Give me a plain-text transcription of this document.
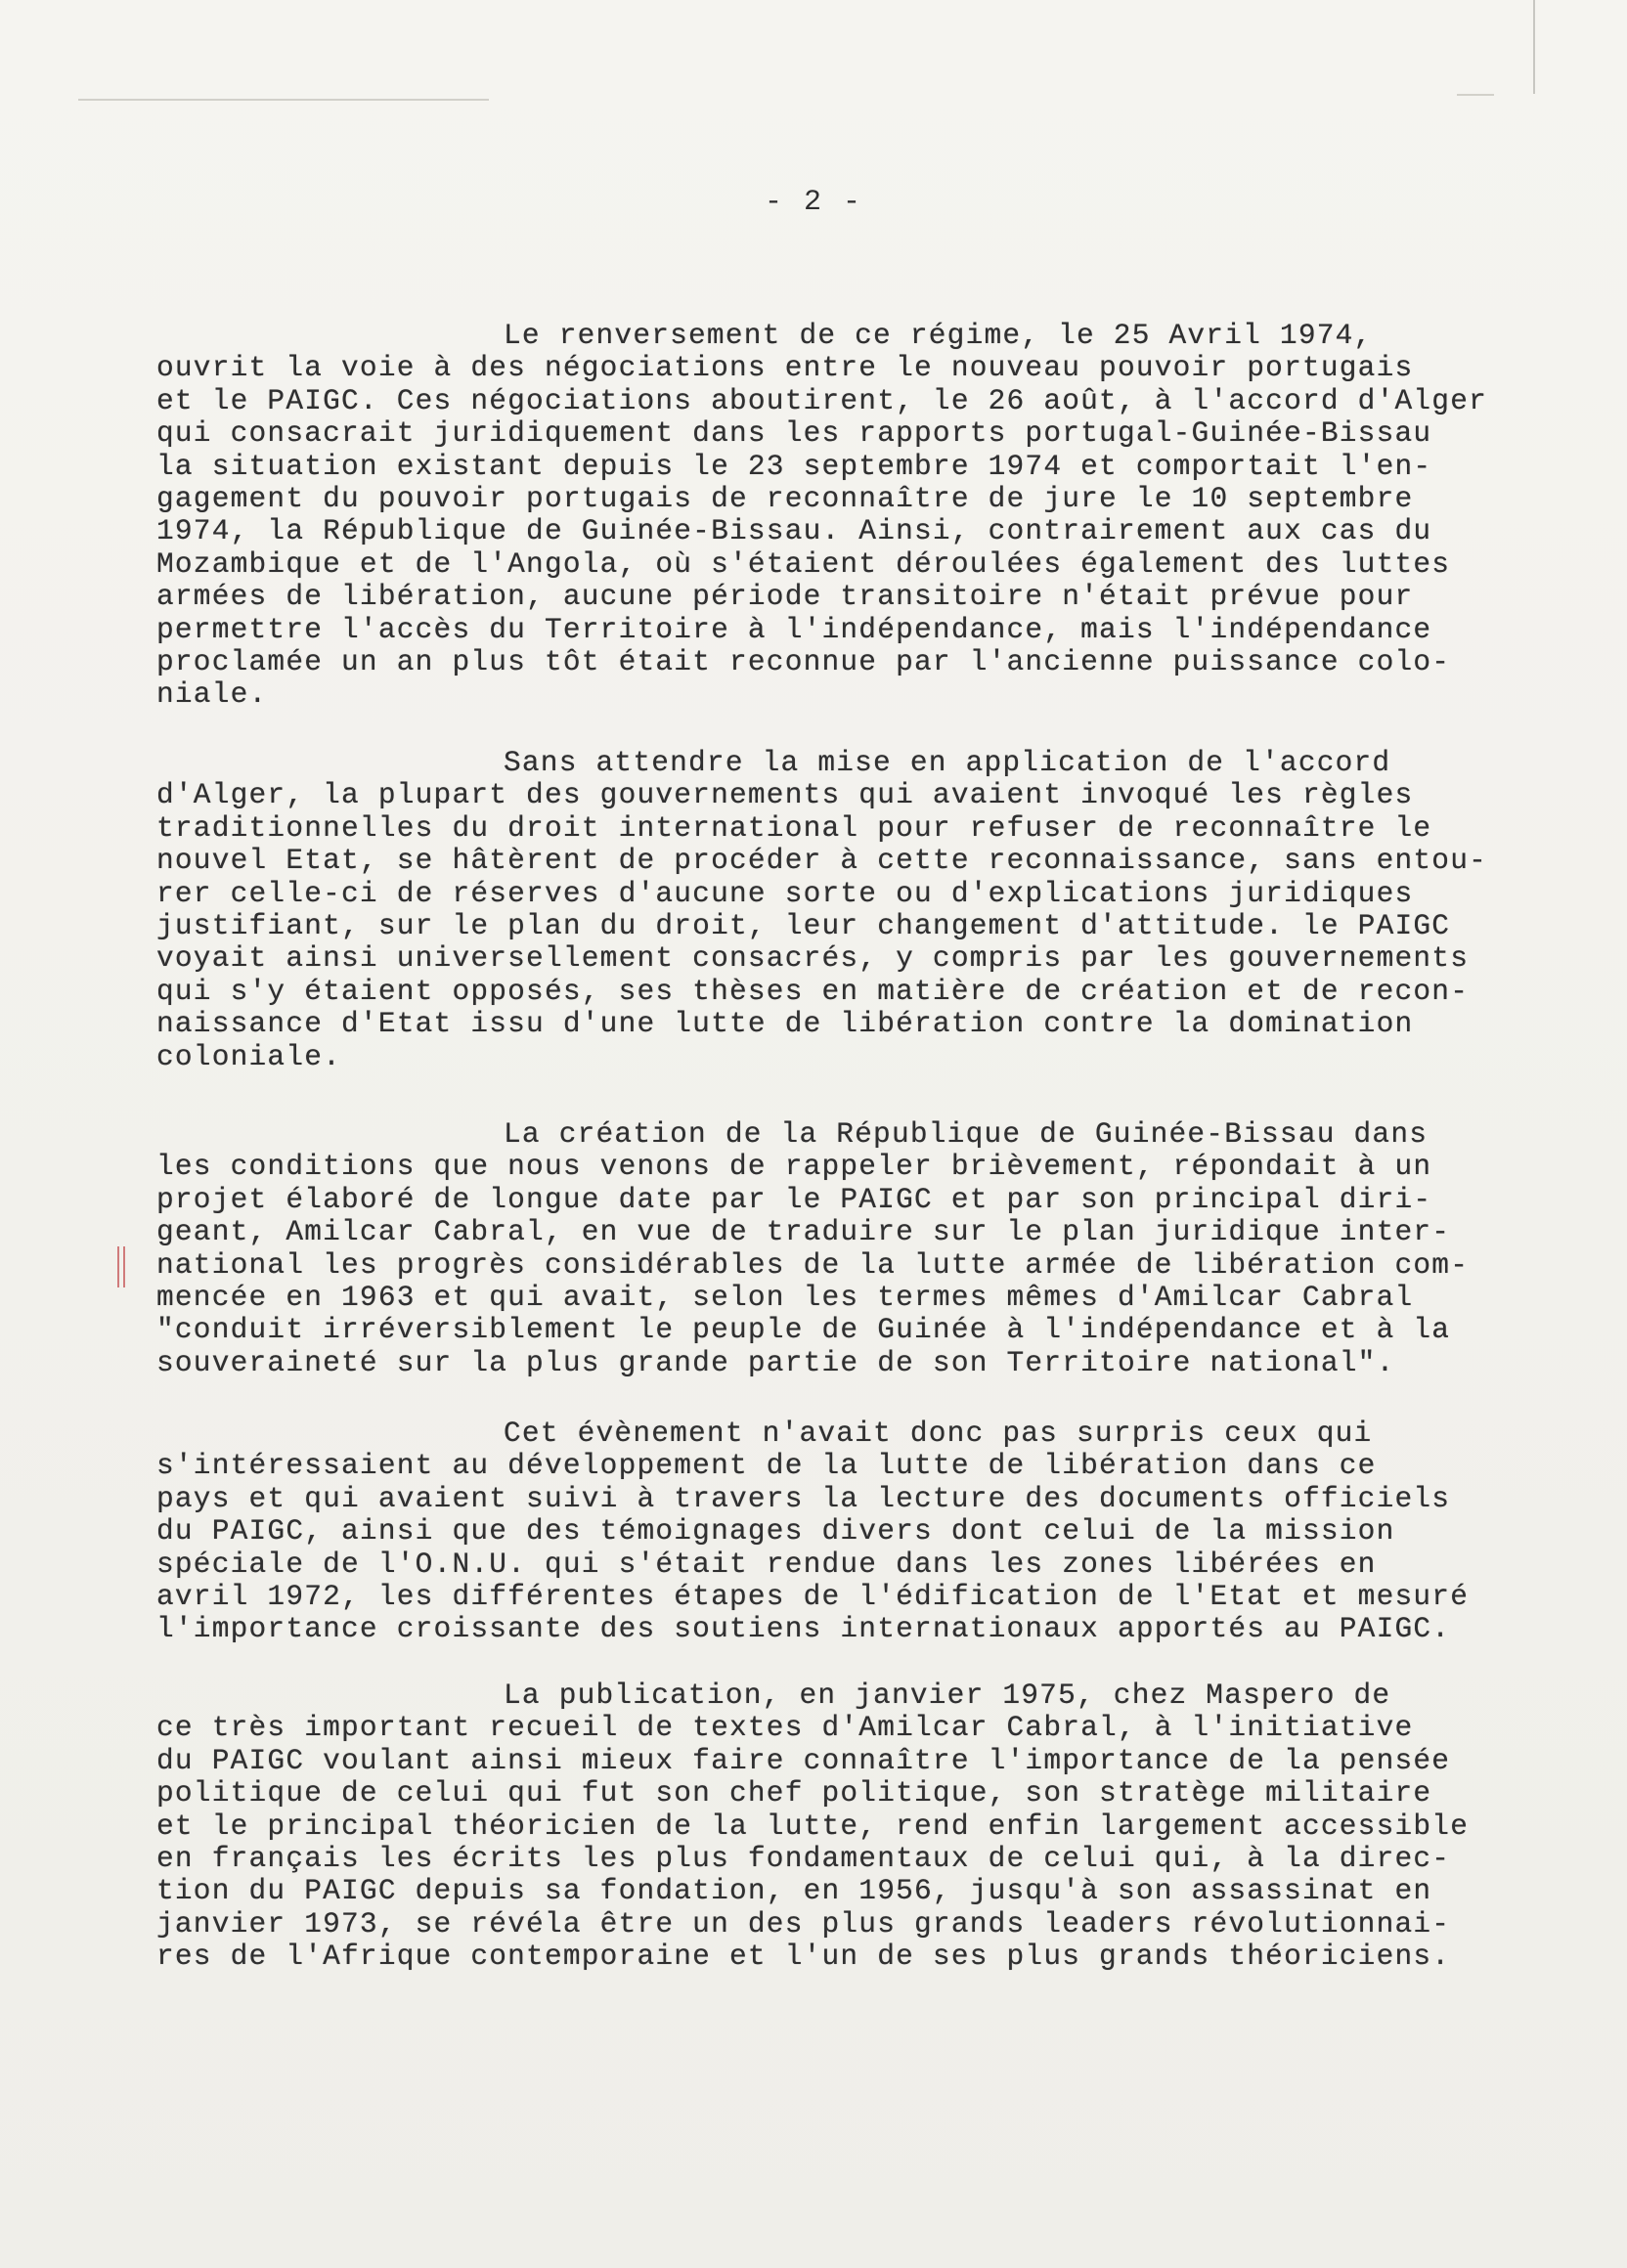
- 2 -
Le renversement de ce régime, le 25 Avril 1974,
ouvrit la voie à des négociations entre le nouveau pouvoir portugais
et le PAIGC. Ces négociations aboutirent, le 26 août, à l'accord d'Alger
qui consacrait juridiquement dans les rapports portugal-Guinée-Bissau
la situation existant depuis le 23 septembre 1974 et comportait l'en-
gagement du pouvoir portugais de reconnaître de jure le 10 septembre
1974, la République de Guinée-Bissau. Ainsi, contrairement aux cas du
Mozambique et de l'Angola, où s'étaient déroulées également des luttes
armées de libération, aucune période transitoire n'était prévue pour
permettre l'accès du Territoire à l'indépendance, mais l'indépendance
proclamée un an plus tôt était reconnue par l'ancienne puissance colo-
niale.
Sans attendre la mise en application de l'accord
d'Alger, la plupart des gouvernements qui avaient invoqué les règles
traditionnelles du droit international pour refuser de reconnaître le
nouvel Etat, se hâtèrent de procéder à cette reconnaissance, sans entou-
rer celle-ci de réserves d'aucune sorte ou d'explications juridiques
justifiant, sur le plan du droit, leur changement d'attitude. le PAIGC
voyait ainsi universellement consacrés, y compris par les gouvernements
qui s'y étaient opposés, ses thèses en matière de création et de recon-
naissance d'Etat issu d'une lutte de libération contre la domination
coloniale.
La création de la République de Guinée-Bissau dans
les conditions que nous venons de rappeler brièvement, répondait à un
projet élaboré de longue date par le PAIGC et par son principal diri-
geant, Amilcar Cabral, en vue de traduire sur le plan juridique inter-
national les progrès considérables de la lutte armée de libération com-
mencée en 1963 et qui avait, selon les termes mêmes d'Amilcar Cabral
"conduit irréversiblement le peuple de Guinée à l'indépendance et à la
souveraineté sur la plus grande partie de son Territoire national".
Cet évènement n'avait donc pas surpris ceux qui
s'intéressaient au développement de la lutte de libération dans ce
pays et qui avaient suivi à travers la lecture des documents officiels
du PAIGC, ainsi que des témoignages divers dont celui de la mission
spéciale de l'O.N.U. qui s'était rendue dans les zones libérées en
avril 1972, les différentes étapes de l'édification de l'Etat et mesuré
l'importance croissante des soutiens internationaux apportés au PAIGC.
La publication, en janvier 1975, chez Maspero de
ce très important recueil de textes d'Amilcar Cabral, à l'initiative
du PAIGC voulant ainsi mieux faire connaître l'importance de la pensée
politique de celui qui fut son chef politique, son stratège militaire
et le principal théoricien de la lutte, rend enfin largement accessible
en français les écrits les plus fondamentaux de celui qui, à la direc-
tion du PAIGC depuis sa fondation, en 1956, jusqu'à son assassinat en
janvier 1973, se révéla être un des plus grands leaders révolutionnai-
res de l'Afrique contemporaine et l'un de ses plus grands théoriciens.
